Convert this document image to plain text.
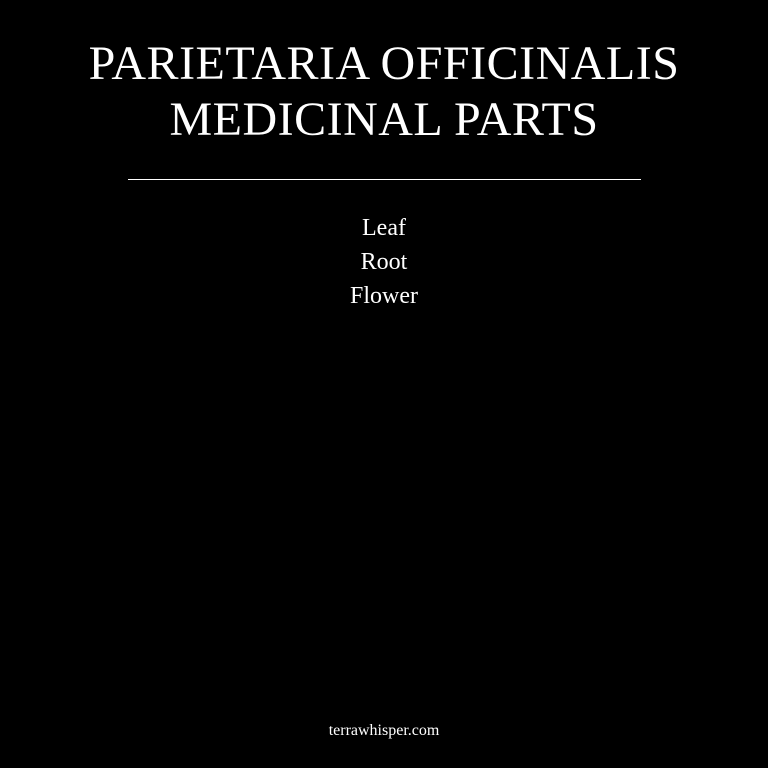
PARIETARIA OFFICINALIS
MEDICINAL PARTS
Leaf
Root
Flower
terrawhisper.com
